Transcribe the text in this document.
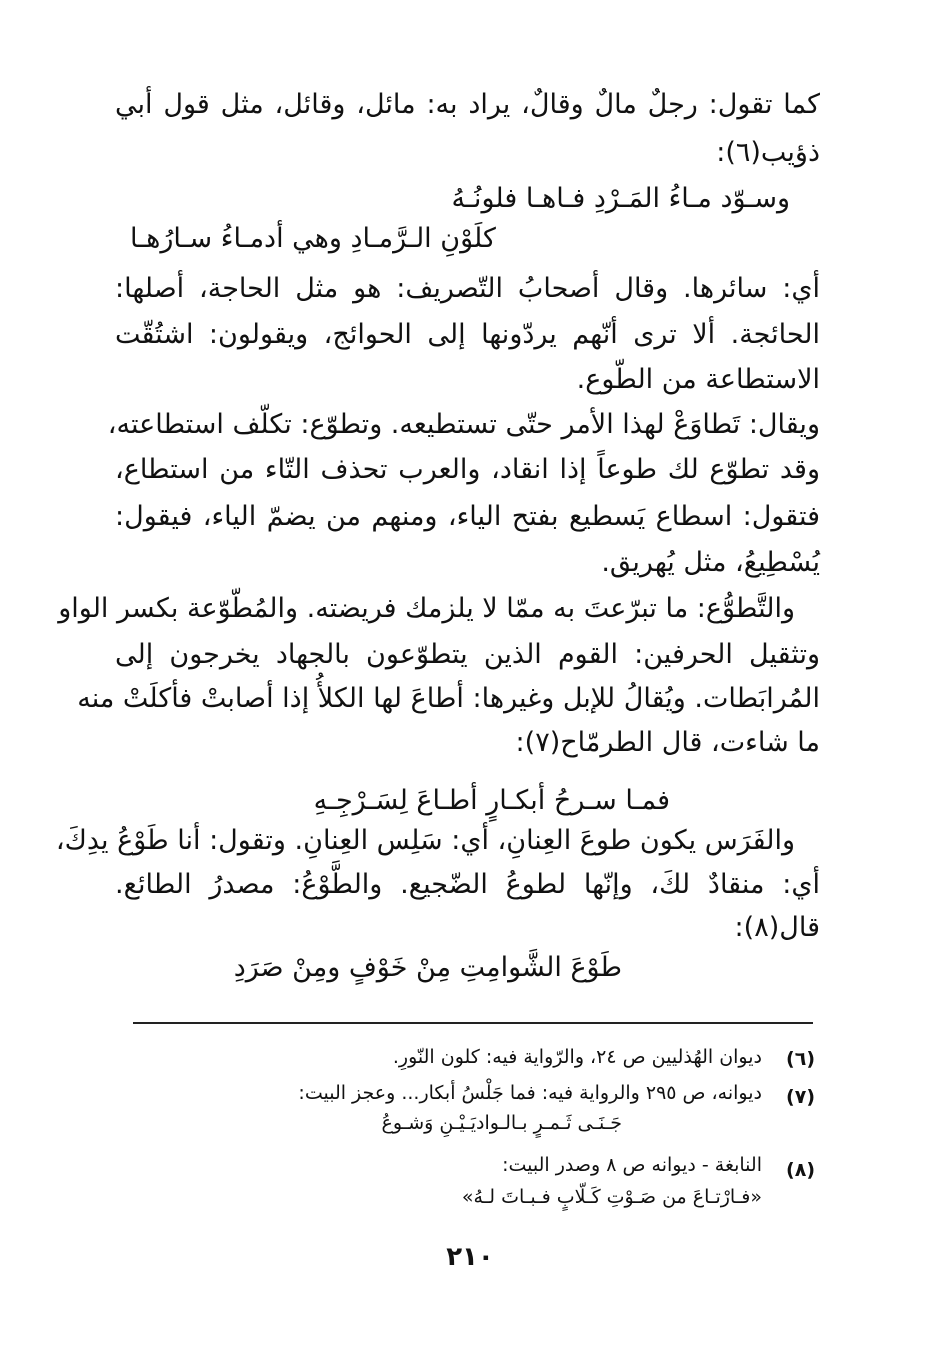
كما تقول: رجلٌ مالٌ وقالٌ، يراد به: مائل، وقائل، مثل قول أبي
ذؤيب(٦):
وسـوّد مـاءُ المَـرْدِ فـاهـا فلونُـهُ
كلَوْنِ الـرَّمـادِ وهي أدمـاءُ سـارُهـا
أي: سائرها. وقال أصحابُ التّصريف: هو مثل الحاجة، أصلها:
الحائجة. ألا ترى أنّهم يردّونها إلى الحوائج، ويقولون: اشتُقّت
الاستطاعة من الطّوع.
ويقال: تَطاوَعْ لهذا الأمر حتّى تستطيعه. وتطوّع: تكلّف استطاعته،
وقد تطوّع لك طوعاً إذا انقاد، والعرب تحذف التّاء من استطاع،
فتقول: اسطاع يَسطيع بفتح الياء، ومنهم من يضمّ الياء، فيقول:
يُسْطِيعُ، مثل يُهريق.
والتَّطوُّع: ما تبرّعتَ به ممّا لا يلزمك فريضته. والمُطّوّعة بكسر الواو
وتثقيل الحرفين: القوم الذين يتطوّعون بالجهاد يخرجون إلى
المُرابَطات. ويُقالُ للإبل وغيرها: أطاعَ لها الكلأُ إذا أصابتْ فأكلَتْ منه
ما شاءت، قال الطرمّاح(٧):
فمـا سـرحُ أبكـارٍ أطـاعَ لِسَـرْجِـهِ
والفَرَس يكون طوعَ العِنانِ، أي: سَلِس العِنانِ. وتقول: أنا طَوْعُ يدِكَ،
أي: منقادٌ لكَ، وإنّها لطوعُ الضّجيع. والطَّوْعُ: مصدرُ الطائع.
قال(٨):
طَوْعَ الشَّوامِتِ مِنْ خَوْفٍ ومِنْ صَرَدِ
(٦)
ديوان الهُذليين ص ٢٤، والرّواية فيه: كلون النّورِ.
(٧)
ديوانه، ص ٢٩٥ والرواية فيه: فما جَلْسُ أبكار... وعجز البيت:
جَـنَـى ثَـمـرٍ بـالـواديَـيْـنِ وَشـوعُ
(٨)
النابغة - ديوانه ص ٨ وصدر البيت:
«فـارْتـاعَ من صَـوْتِ كَـلّابٍ فـبـاتَ لـهُ»
٢١٠
